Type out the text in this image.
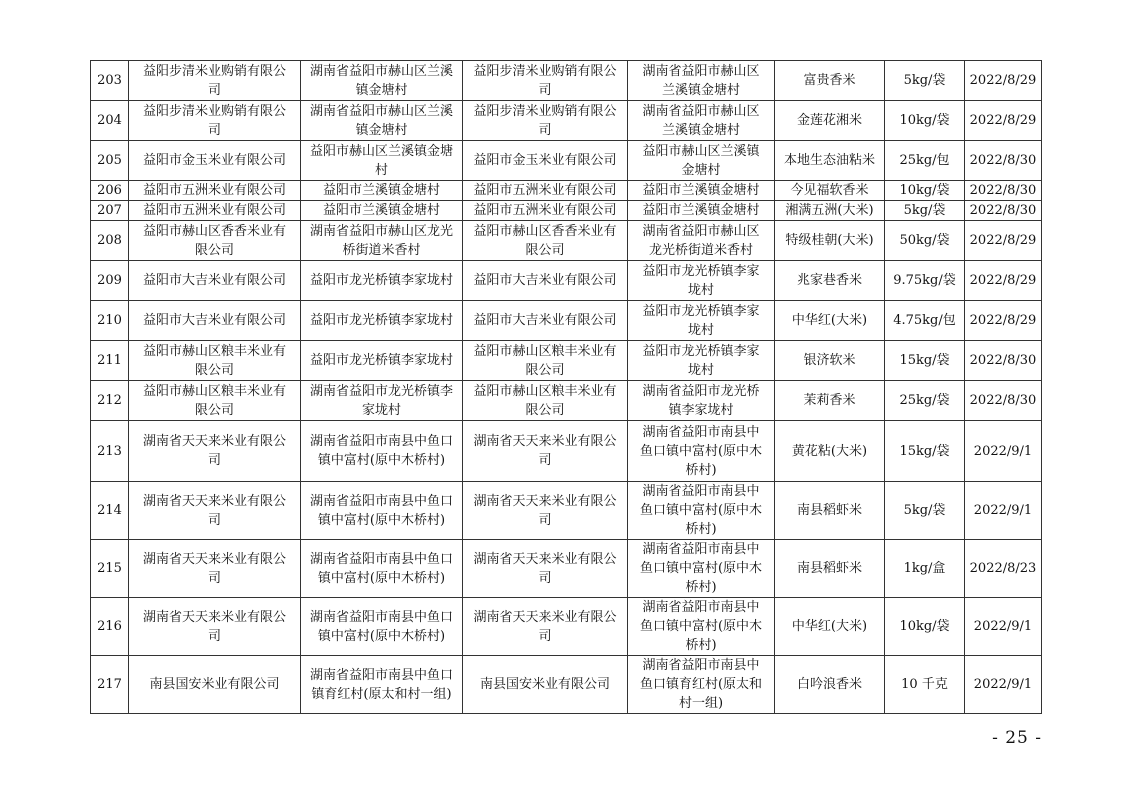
203	益阳步清米业购销有限公
司	湖南省益阳市赫山区兰溪
镇金塘村	益阳步清米业购销有限公
司	湖南省益阳市赫山区
兰溪镇金塘村	富贵香米	5kg/袋	2022/8/29
204	益阳步清米业购销有限公
司	湖南省益阳市赫山区兰溪
镇金塘村	益阳步清米业购销有限公
司	湖南省益阳市赫山区
兰溪镇金塘村	金莲花湘米	10kg/袋	2022/8/29
205	益阳市金玉米业有限公司	益阳市赫山区兰溪镇金塘
村	益阳市金玉米业有限公司	益阳市赫山区兰溪镇
金塘村	本地生态油粘米	25kg/包	2022/8/30
206	益阳市五洲米业有限公司	益阳市兰溪镇金塘村	益阳市五洲米业有限公司	益阳市兰溪镇金塘村	今见福软香米	10kg/袋	2022/8/30
207	益阳市五洲米业有限公司	益阳市兰溪镇金塘村	益阳市五洲米业有限公司	益阳市兰溪镇金塘村	湘满五洲(大米)	5kg/袋	2022/8/30
208	益阳市赫山区香香米业有
限公司	湖南省益阳市赫山区龙光
桥街道米香村	益阳市赫山区香香米业有
限公司	湖南省益阳市赫山区
龙光桥街道米香村	特级桂朝(大米)	50kg/袋	2022/8/29
209	益阳市大吉米业有限公司	益阳市龙光桥镇李家垅村	益阳市大吉米业有限公司	益阳市龙光桥镇李家
垅村	兆家巷香米	9.75kg/袋	2022/8/29
210	益阳市大吉米业有限公司	益阳市龙光桥镇李家垅村	益阳市大吉米业有限公司	益阳市龙光桥镇李家
垅村	中华红(大米)	4.75kg/包	2022/8/29
211	益阳市赫山区粮丰米业有
限公司	益阳市龙光桥镇李家垅村	益阳市赫山区粮丰米业有
限公司	益阳市龙光桥镇李家
垅村	银济软米	15kg/袋	2022/8/30
212	益阳市赫山区粮丰米业有
限公司	湖南省益阳市龙光桥镇李
家垅村	益阳市赫山区粮丰米业有
限公司	湖南省益阳市龙光桥
镇李家垅村	茉莉香米	25kg/袋	2022/8/30
213	湖南省天天来米业有限公
司	湖南省益阳市南县中鱼口
镇中富村(原中木桥村)	湖南省天天来米业有限公
司	湖南省益阳市南县中
鱼口镇中富村(原中木
桥村)	黄花粘(大米)	15kg/袋	2022/9/1
214	湖南省天天来米业有限公
司	湖南省益阳市南县中鱼口
镇中富村(原中木桥村)	湖南省天天来米业有限公
司	湖南省益阳市南县中
鱼口镇中富村(原中木
桥村)	南县稻虾米	5kg/袋	2022/9/1
215	湖南省天天来米业有限公
司	湖南省益阳市南县中鱼口
镇中富村(原中木桥村)	湖南省天天来米业有限公
司	湖南省益阳市南县中
鱼口镇中富村(原中木
桥村)	南县稻虾米	1kg/盒	2022/8/23
216	湖南省天天来米业有限公
司	湖南省益阳市南县中鱼口
镇中富村(原中木桥村)	湖南省天天来米业有限公
司	湖南省益阳市南县中
鱼口镇中富村(原中木
桥村)	中华红(大米)	10kg/袋	2022/9/1
217	南县国安米业有限公司	湖南省益阳市南县中鱼口
镇育红村(原太和村一组)	南县国安米业有限公司	湖南省益阳市南县中
鱼口镇育红村(原太和
村一组)	白吟浪香米	10 千克	2022/9/1
- 25 -
